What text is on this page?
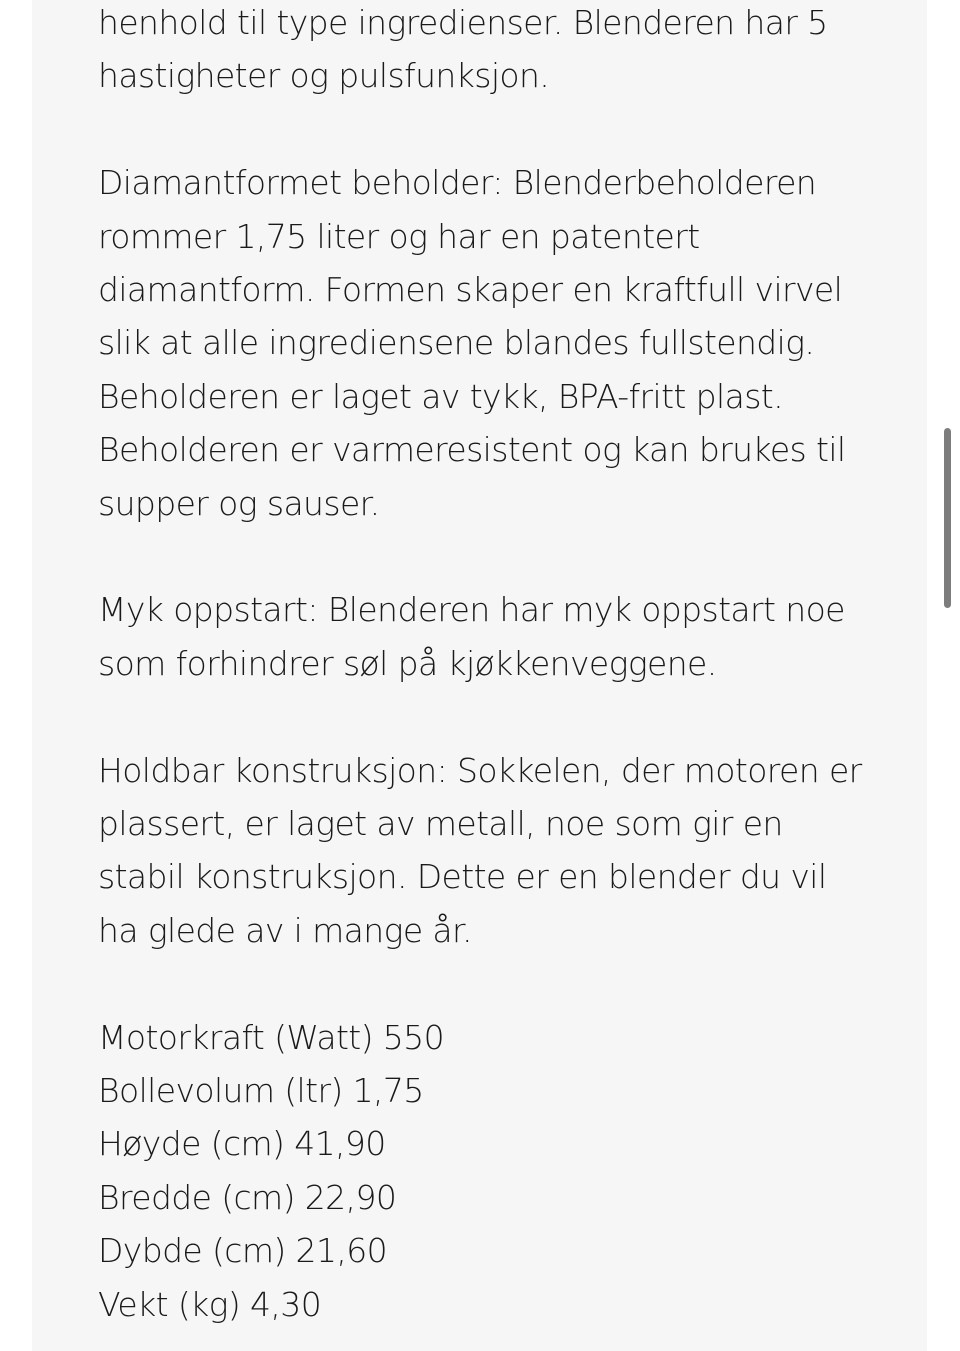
henhold til type ingredienser. Blenderen har 5 hastigheter og pulsfunksjon.

Diamantformet beholder: Blenderbeholderen rommer 1,75 liter og har en patentert diamantform. Formen skaper en kraftfull virvel slik at alle ingrediensene blandes fullstendig. Beholderen er laget av tykk, BPA-fritt plast. Beholderen er varmeresistent og kan brukes til supper og sauser.

Myk oppstart: Blenderen har myk oppstart noe som forhindrer søl på kjøkkenveggene.

Holdbar konstruksjon: Sokkelen, der motoren er plassert, er laget av metall, noe som gir en stabil konstruksjon. Dette er en blender du vil ha glede av i mange år.

Motorkraft (Watt) 550
Bollevolum (ltr) 1,75
Høyde (cm) 41,90
Bredde (cm) 22,90
Dybde (cm) 21,60
Vekt (kg) 4,30
